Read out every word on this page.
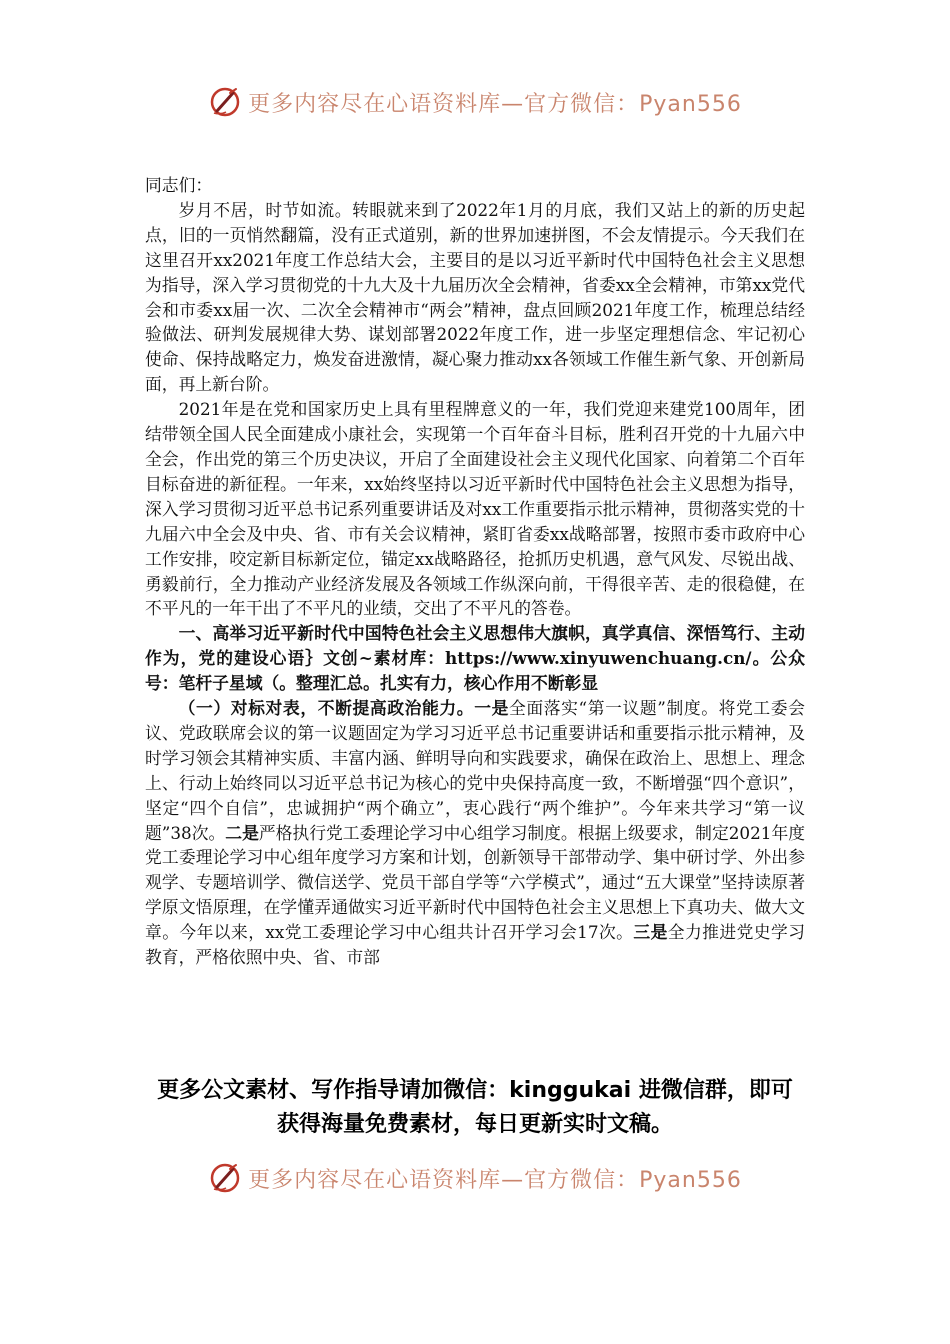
更多内容尽在心语资料库—官方微信：Pyan556

同志们：

岁月不居，时节如流。转眼就来到了2022年1月的月底，我们又站上的新的历史起点，旧的一页悄然翻篇，没有正式道别，新的世界加速拼图，不会友情提示。今天我们在这里召开xx2021年度工作总结大会，主要目的是以习近平新时代中国特色社会主义思想为指导，深入学习贯彻党的十九大及十九届历次全会精神，省委xx全会精神，市第xx党代会和市委xx届一次、二次全会精神市“两会”精神，盘点回顾2021年度工作，梳理总结经验做法、研判发展规律大势、谋划部署2022年度工作，进一步坚定理想信念、牢记初心使命、保持战略定力，焕发奋进激情，凝心聚力推动xx各领域工作催生新气象、开创新局面，再上新台阶。

2021年是在党和国家历史上具有里程牌意义的一年，我们党迎来建党100周年，团结带领全国人民全面建成小康社会，实现第一个百年奋斗目标，胜利召开党的十九届六中全会，作出党的第三个历史决议，开启了全面建设社会主义现代化国家、向着第二个百年目标奋进的新征程。一年来，xx始终坚持以习近平新时代中国特色社会主义思想为指导，深入学习贯彻习近平总书记系列重要讲话及对xx工作重要指示批示精神，贯彻落实党的十九届六中全会及中央、省、市有关会议精神，紧盯省委xx战略部署，按照市委市政府中心工作安排，咬定新目标新定位，锚定xx战略路径，抢抓历史机遇，意气风发、尽锐出战、勇毅前行，全力推动产业经济发展及各领域工作纵深向前，干得很辛苦、走的很稳健，在不平凡的一年干出了不平凡的业绩，交出了不平凡的答卷。

一、高举习近平新时代中国特色社会主义思想伟大旗帜，真学真信、深悟笃行、主动作为，党的建设心语｝文创~素材库：https://www.xinyuwenchuang.cn/。公众号：笔杆子星域（。整理汇总。扎实有力，核心作用不断彰显

（一）对标对表，不断提高政治能力。一是全面落实“第一议题”制度。将党工委会议、党政联席会议的第一议题固定为学习习近平总书记重要讲话和重要指示批示精神，及时学习领会其精神实质、丰富内涵、鲜明导向和实践要求，确保在政治上、思想上、理念上、行动上始终同以习近平总书记为核心的党中央保持高度一致，不断增强“四个意识”，坚定“四个自信”，忠诚拥护“两个确立”，衷心践行“两个维护”。今年来共学习“第一议题”38次。二是严格执行党工委理论学习中心组学习制度。根据上级要求，制定2021年度党工委理论学习中心组年度学习方案和计划，创新领导干部带动学、集中研讨学、外出参观学、专题培训学、微信送学、党员干部自学等“六学模式”，通过“五大课堂”坚持读原著学原文悟原理，在学懂弄通做实习近平新时代中国特色社会主义思想上下真功夫、做大文章。今年以来，xx党工委理论学习中心组共计召开学习会17次。三是全力推进党史学习教育，严格依照中央、省、市部

更多公文素材、写作指导请加微信：kinggukai 进微信群，即可
获得海量免费素材，每日更新实时文稿。
更多内容尽在心语资料库—官方微信：Pyan556
